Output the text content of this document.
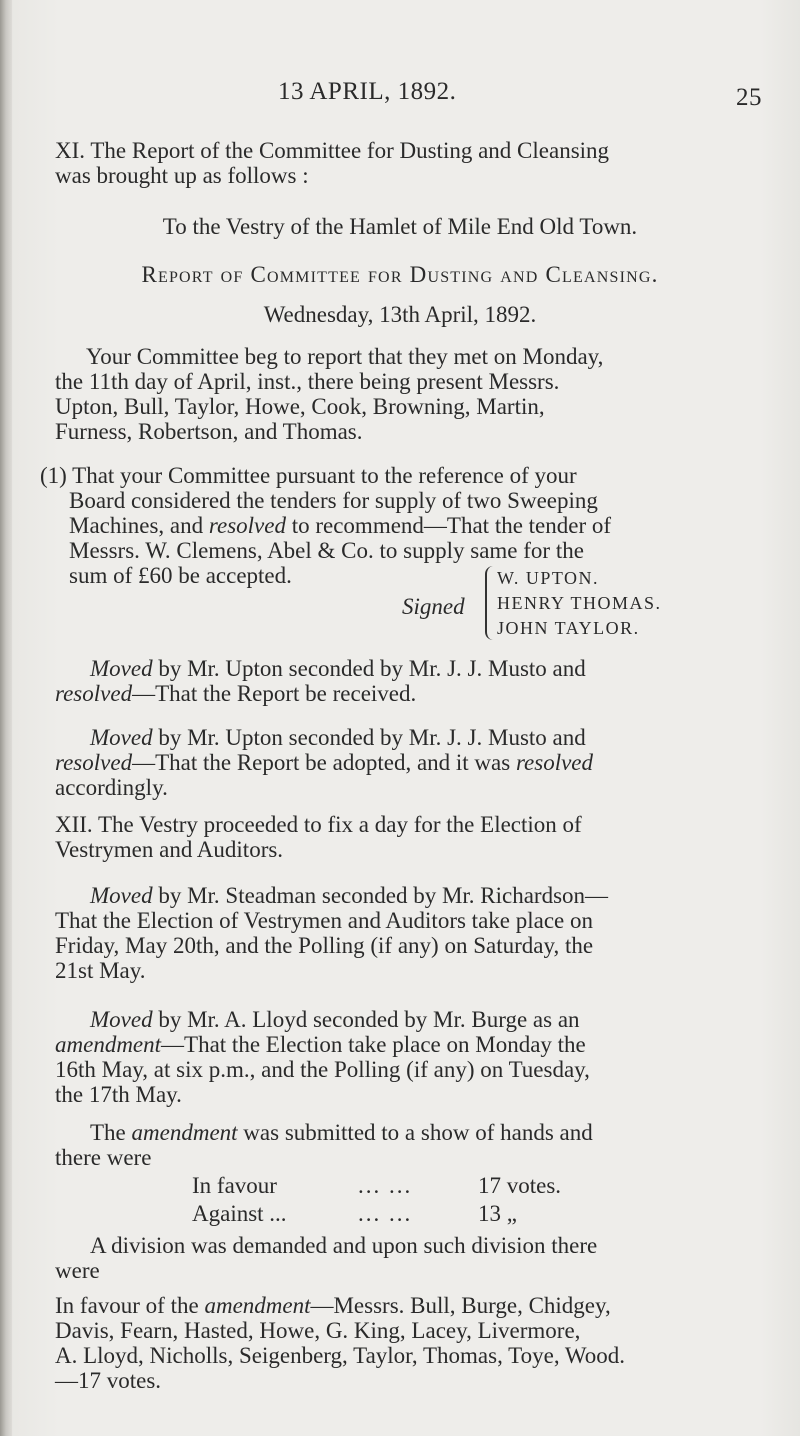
13 APRIL, 1892.	25
XI. The Report of the Committee for Dusting and Cleansing
was brought up as follows :
To the Vestry of the Hamlet of Mile End Old Town.
Report of Committee for Dusting and Cleansing.
Wednesday, 13th April, 1892.
Your Committee beg to report that they met on Monday,
the 11th day of April, inst., there being present Messrs.
Upton, Bull, Taylor, Howe, Cook, Browning, Martin,
Furness, Robertson, and Thomas.
(1) That your Committee pursuant to the reference of your
Board considered the tenders for supply of two Sweeping
Machines, and resolved to recommend—That the tender of
Messrs. W. Clemens, Abel & Co. to supply same for the
sum of £60 be accepted.
Signed
W. UPTON.
HENRY THOMAS.
JOHN TAYLOR.
Moved by Mr. Upton seconded by Mr. J. J. Musto and
resolved—That the Report be received.
Moved by Mr. Upton seconded by Mr. J. J. Musto and
resolved—That the Report be adopted, and it was resolved
accordingly.
XII. The Vestry proceeded to fix a day for the Election of
Vestrymen and Auditors.
Moved by Mr. Steadman seconded by Mr. Richardson—
That the Election of Vestrymen and Auditors take place on
Friday, May 20th, and the Polling (if any) on Saturday, the
21st May.
Moved by Mr. A. Lloyd seconded by Mr. Burge as an
amendment—That the Election take place on Monday the
16th May, at six p.m., and the Polling (if any) on Tuesday,
the 17th May.
The amendment was submitted to a show of hands and
there were
In favour	... ...	17 votes.
Against ...	... ...	13 „
A division was demanded and upon such division there
were
In favour of the amendment—Messrs. Bull, Burge, Chidgey,
Davis, Fearn, Hasted, Howe, G. King, Lacey, Livermore,
A. Lloyd, Nicholls, Seigenberg, Taylor, Thomas, Toye, Wood.
—17 votes.
